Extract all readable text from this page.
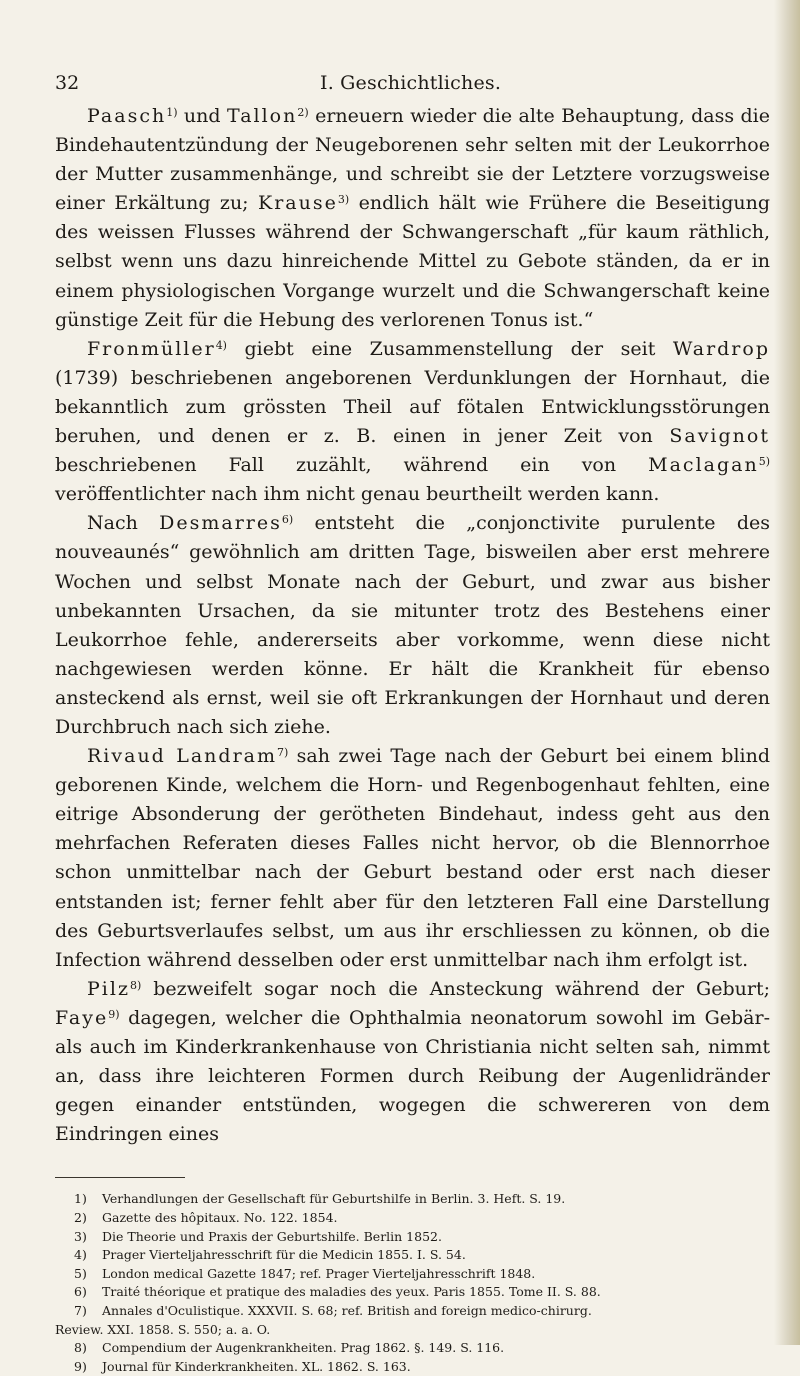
32	I. Geschichtliches.

Paasch$^{1)}$ und Tallon$^{2)}$ erneuern wieder die alte Behauptung, dass die Bindehautentzündung der Neugeborenen sehr selten mit der Leukorrhoe der Mutter zusammenhänge, und schreibt sie der Letztere vorzugsweise einer Erkältung zu; Krause$^{3)}$ endlich hält wie Frühere die Beseitigung des weissen Flusses während der Schwangerschaft „für kaum räthlich, selbst wenn uns dazu hinreichende Mittel zu Gebote ständen, da er in einem physiologischen Vorgange wurzelt und die Schwangerschaft keine günstige Zeit für die Hebung des verlorenen Tonus ist.“

Fronmüller$^{4)}$ giebt eine Zusammenstellung der seit Wardrop (1739) beschriebenen angeborenen Verdunklungen der Hornhaut, die bekanntlich zum grössten Theil auf fötalen Entwicklungsstörungen beruhen, und denen er z. B. einen in jener Zeit von Savignot beschriebenen Fall zuzählt, während ein von Maclagan$^{5)}$ veröffentlichter nach ihm nicht genau beurtheilt werden kann.

Nach Desmarres$^{6)}$ entsteht die „conjonctivite purulente des nouveaunés“ gewöhnlich am dritten Tage, bisweilen aber erst mehrere Wochen und selbst Monate nach der Geburt, und zwar aus bisher unbekannten Ursachen, da sie mitunter trotz des Bestehens einer Leukorrhoe fehle, andererseits aber vorkomme, wenn diese nicht nachgewiesen werden könne. Er hält die Krankheit für ebenso ansteckend als ernst, weil sie oft Erkrankungen der Hornhaut und deren Durchbruch nach sich ziehe.

Rivaud Landram$^{7)}$ sah zwei Tage nach der Geburt bei einem blind geborenen Kinde, welchem die Horn- und Regenbogenhaut fehlten, eine eitrige Absonderung der gerötheten Bindehaut, indess geht aus den mehrfachen Referaten dieses Falles nicht hervor, ob die Blennorrhoe schon unmittelbar nach der Geburt bestand oder erst nach dieser entstanden ist; ferner fehlt aber für den letzteren Fall eine Darstellung des Geburtsverlaufes selbst, um aus ihr erschliessen zu können, ob die Infection während desselben oder erst unmittelbar nach ihm erfolgt ist.

Pilz$^{8)}$ bezweifelt sogar noch die Ansteckung während der Geburt; Faye$^{9)}$ dagegen, welcher die Ophthalmia neonatorum sowohl im Gebär- als auch im Kinderkrankenhause von Christiania nicht selten sah, nimmt an, dass ihre leichteren Formen durch Reibung der Augenlidränder gegen einander entstünden, wogegen die schwereren von dem Eindringen eines

1) Verhandlungen der Gesellschaft für Geburtshilfe in Berlin. 3. Heft. S. 19.
2) Gazette des hôpitaux. No. 122. 1854.
3) Die Theorie und Praxis der Geburtshilfe. Berlin 1852.
4) Prager Vierteljahresschrift für die Medicin 1855. I. S. 54.
5) London medical Gazette 1847; ref. Prager Vierteljahresschrift 1848.
6) Traité théorique et pratique des maladies des yeux. Paris 1855. Tome II. S. 88.
7) Annales d'Oculistique. XXXVII. S. 68; ref. British and foreign medico-chirurg.
Review. XXI. 1858. S. 550; a. a. O.
8) Compendium der Augenkrankheiten. Prag 1862. §. 149. S. 116.
9) Journal für Kinderkrankheiten. XL. 1862. S. 163.
